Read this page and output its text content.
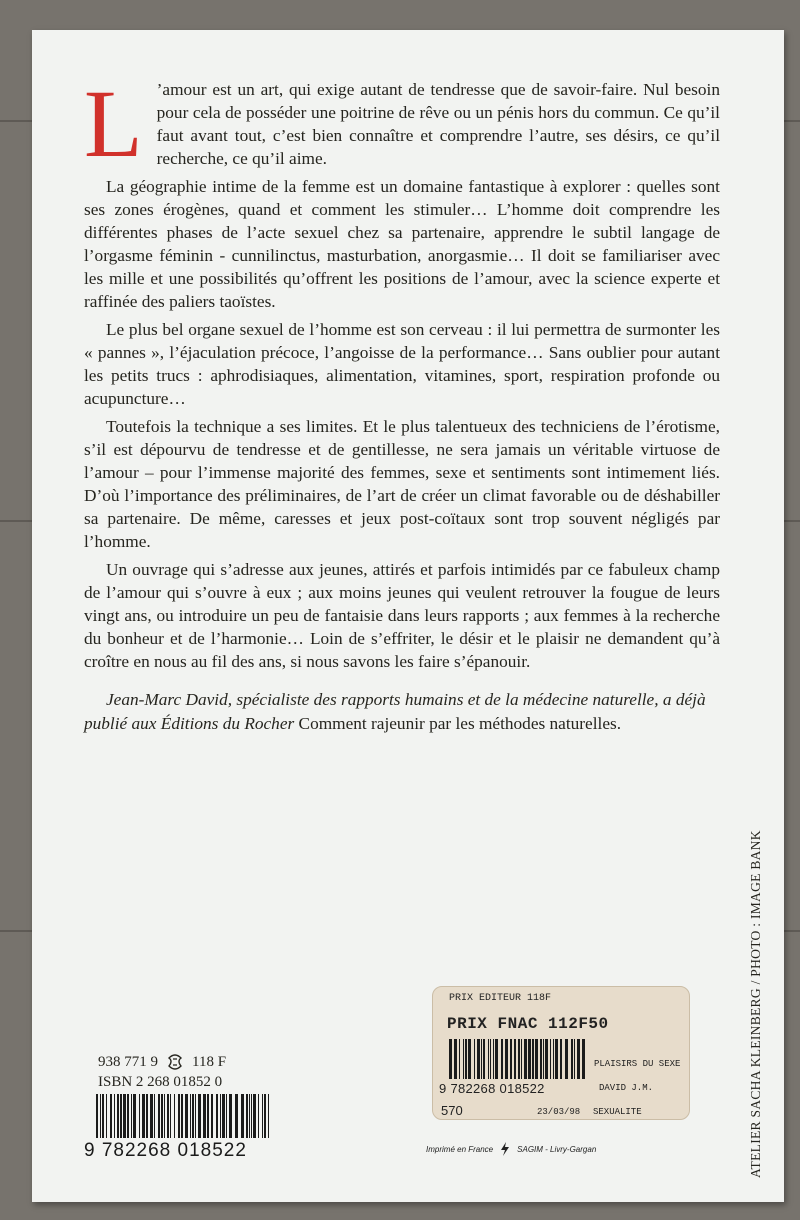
L ’amour est un art, qui exige autant de tendresse que de savoir-faire. Nul besoin pour cela de posséder une poitrine de rêve ou un pénis hors du commun. Ce qu’il faut avant tout, c’est bien connaître et comprendre l’autre, ses désirs, ce qu’il recherche, ce qu’il aime.

La géographie intime de la femme est un domaine fantastique à explorer : quelles sont ses zones érogènes, quand et comment les stimuler… L’homme doit comprendre les différentes phases de l’acte sexuel chez sa partenaire, apprendre le subtil langage de l’orgasme féminin - cunnilinctus, masturbation, anorgasmie… Il doit se familiariser avec les mille et une possibilités qu’offrent les positions de l’amour, avec la science experte et raffinée des paliers taoïstes.

Le plus bel organe sexuel de l’homme est son cerveau : il lui permettra de surmonter les « pannes », l’éjaculation précoce, l’angoisse de la performance… Sans oublier pour autant les petits trucs : aphrodisiaques, alimentation, vitamines, sport, respiration profonde ou acupuncture…

Toutefois la technique a ses limites. Et le plus talentueux des techniciens de l’érotisme, s’il est dépourvu de tendresse et de gentillesse, ne sera jamais un véritable virtuose de l’amour – pour l’immense majorité des femmes, sexe et sentiments sont intimement liés. D’où l’importance des préliminaires, de l’art de créer un climat favorable ou de déshabiller sa partenaire. De même, caresses et jeux post-coïtaux sont trop souvent négligés par l’homme.

Un ouvrage qui s’adresse aux jeunes, attirés et parfois intimidés par ce fabuleux champ de l’amour qui s’ouvre à eux ; aux moins jeunes qui veulent retrouver la fougue de leurs vingt ans, ou introduire un peu de fantaisie dans leurs rapports ; aux femmes à la recherche du bonheur et de l’harmonie… Loin de s’effriter, le désir et le plaisir ne demandent qu’à croître en nous au fil des ans, si nous savons les faire s’épanouir.

Jean-Marc David, spécialiste des rapports humains et de la médecine naturelle, a déjà publié aux Éditions du Rocher Comment rajeunir par les méthodes naturelles.
938 771 9 118 F
ISBN 2 268 01852 0
9 782268 018522	Imprimé en France	SAGIM - Livry-Gargan	ATELIER SACHA KLEINBERG / PHOTO : IMAGE BANK
PRIX EDITEUR 118F
PRIX FNAC 112F50
9 782268 018522
570
PLAISIRS DU SEXE
DAVID J.M.
23/03/98 SEXUALITE
